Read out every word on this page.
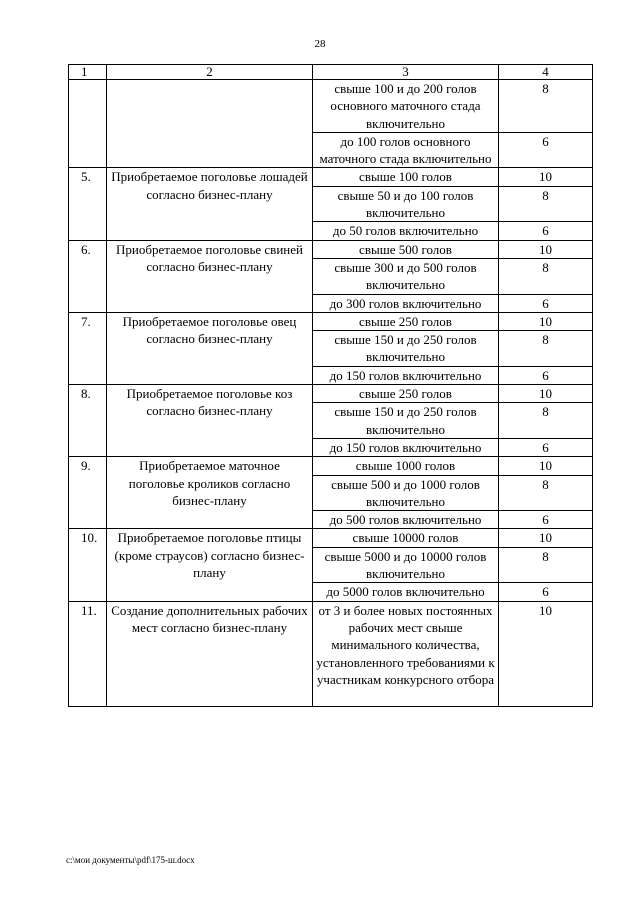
28
1	2	3	4
		свыше 100 и до 200 голов основного маточного стада включительно	8
		до 100 голов основного маточного стада включительно	6
5.	Приобретаемое поголовье лошадей согласно бизнес-плану	свыше 100 голов	10
		свыше 50 и до 100 голов включительно	8
		до 50 голов включительно	6
6.	Приобретаемое поголовье свиней согласно бизнес-плану	свыше 500 голов	10
		свыше 300 и до 500 голов включительно	8
		до 300 голов включительно	6
7.	Приобретаемое поголовье овец согласно бизнес-плану	свыше 250 голов	10
		свыше 150 и до 250 голов включительно	8
		до 150 голов включительно	6
8.	Приобретаемое поголовье коз согласно бизнес-плану	свыше 250 голов	10
		свыше 150 и до 250 голов включительно	8
		до 150 голов включительно	6
9.	Приобретаемое маточное поголовье кроликов согласно бизнес-плану	свыше 1000 голов	10
		свыше 500 и до 1000 голов включительно	8
		до 500 голов включительно	6
10.	Приобретаемое поголовье птицы (кроме страусов) согласно бизнес-плану	свыше 10000 голов	10
		свыше 5000 и до 10000 голов включительно	8
		до 5000 голов включительно	6
11.	Создание дополнительных рабочих мест согласно бизнес-плану	от 3 и более новых постоянных рабочих мест свыше минимального количества, установленного требованиями к участникам конкурсного отбора	10
c:\мои документы\pdf\175-ш.docx
